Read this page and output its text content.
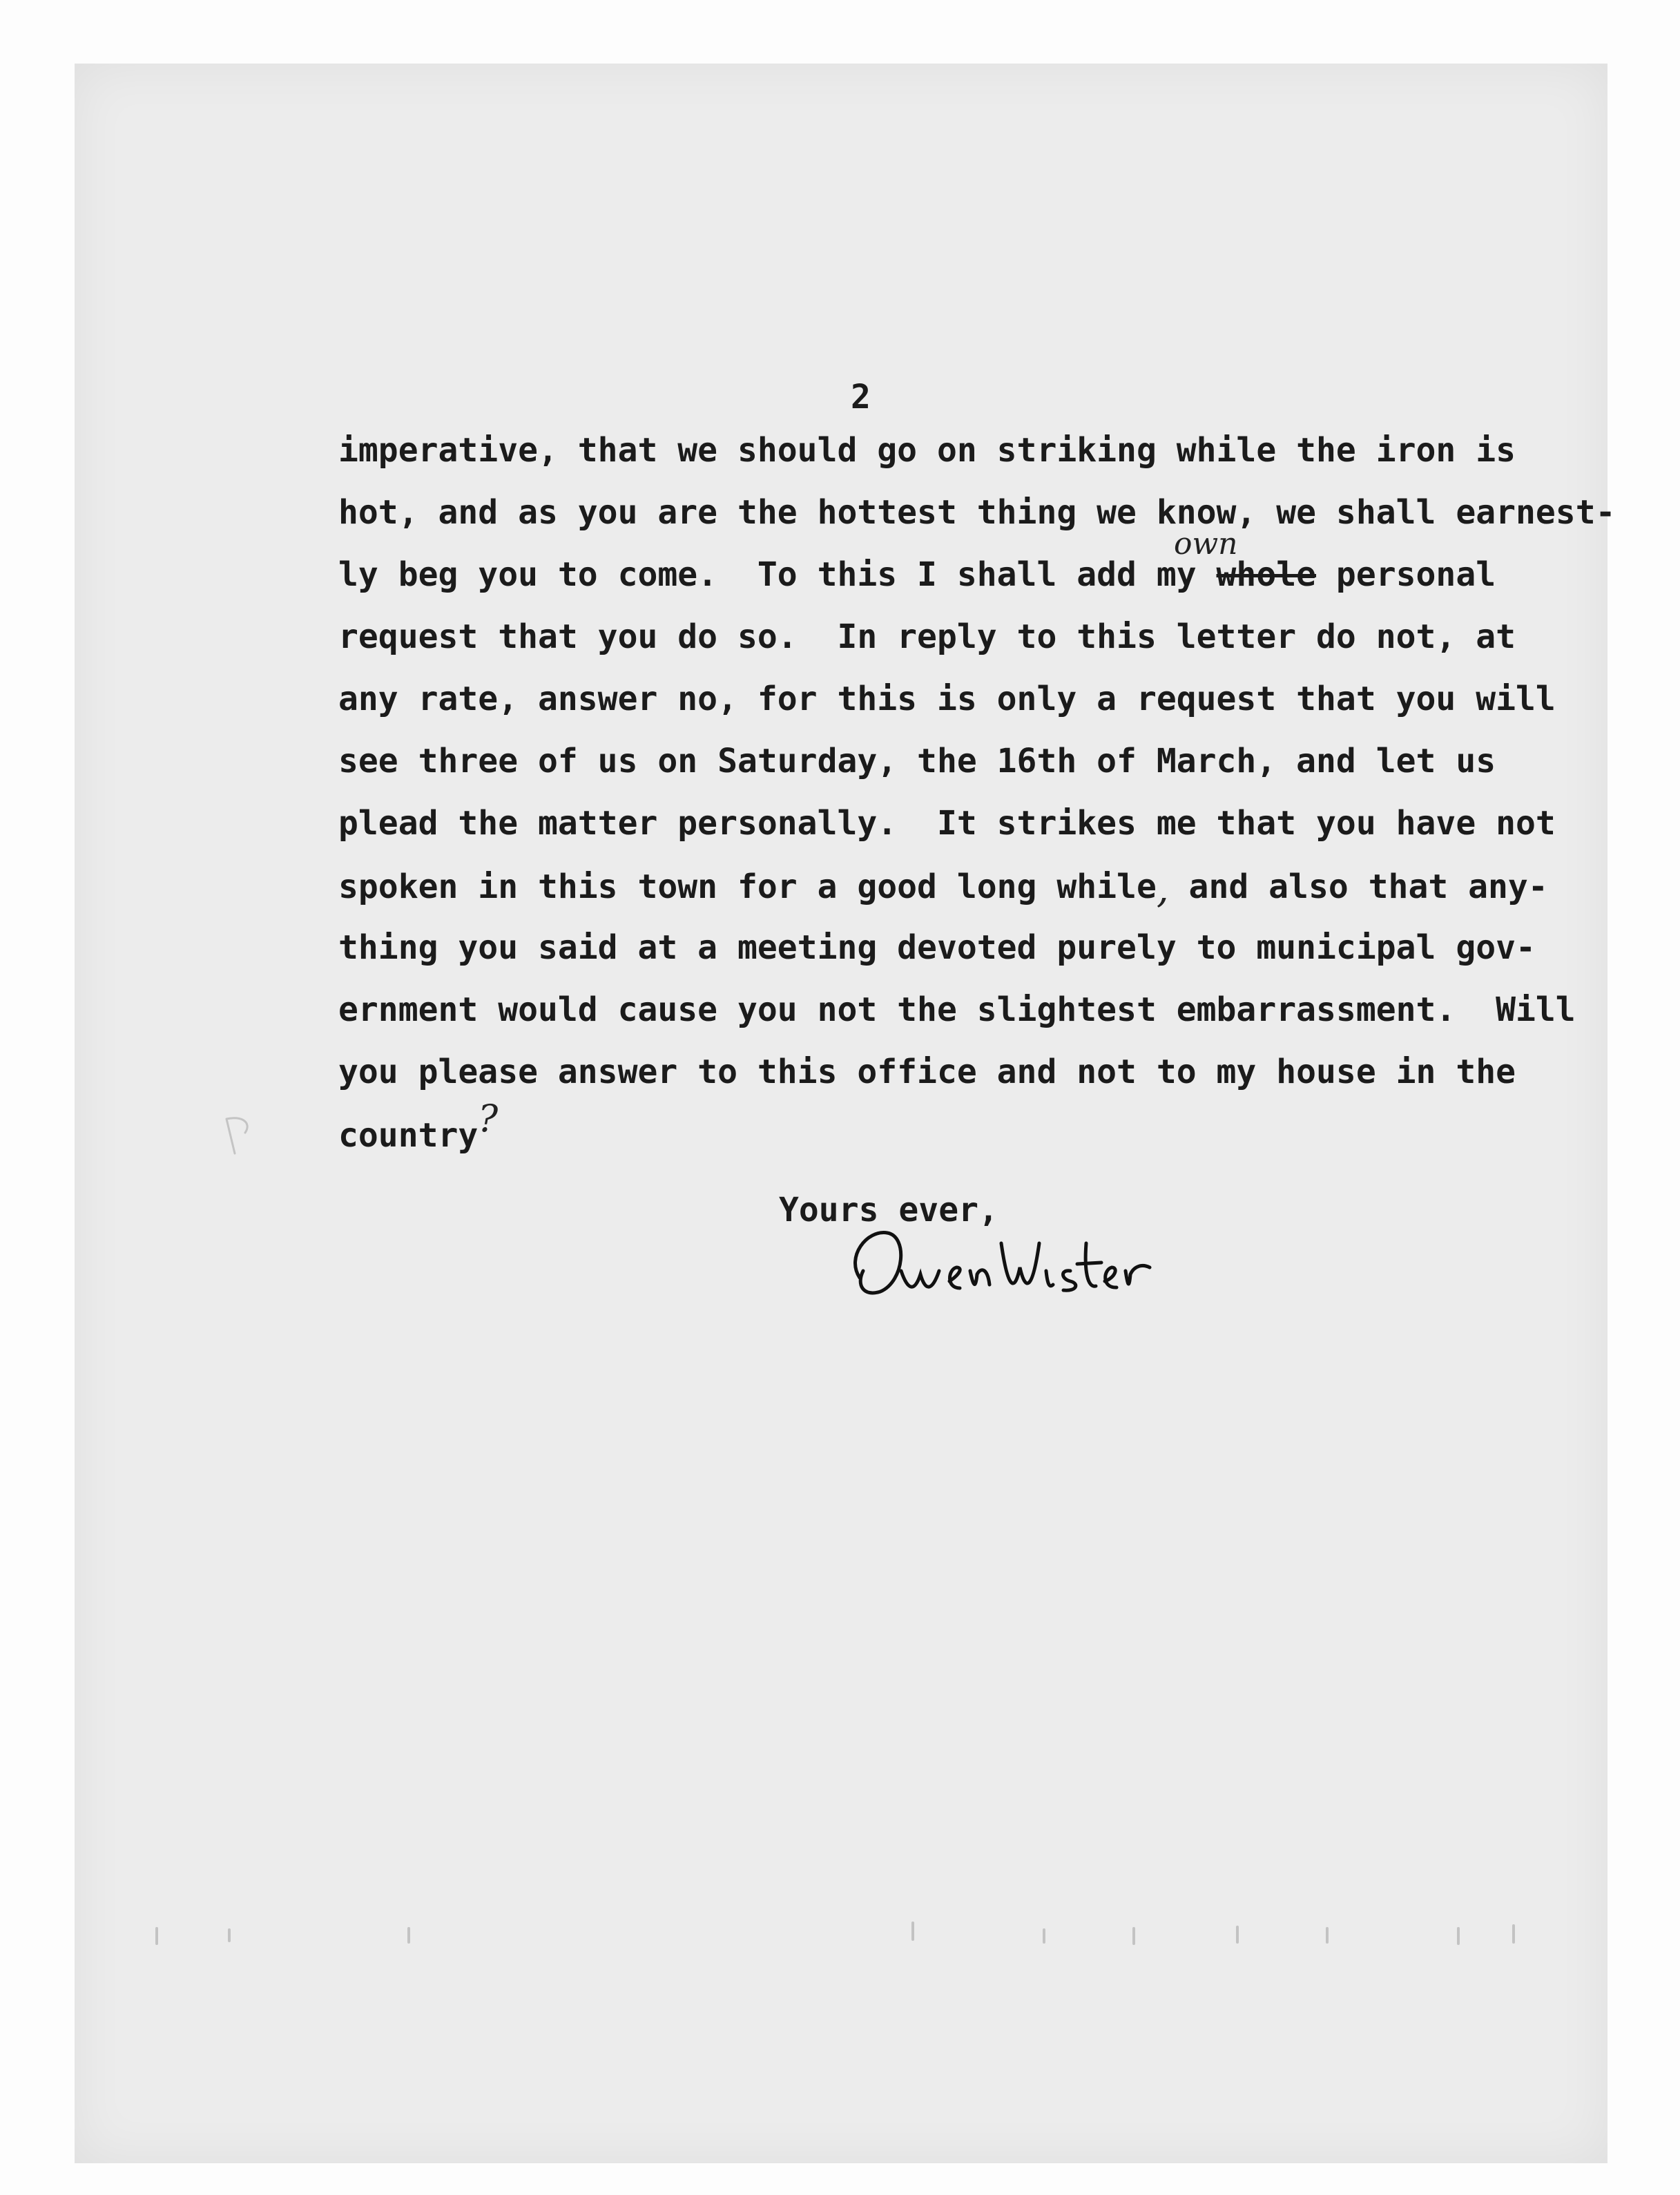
2
imperative, that we should go on striking while the iron is
hot, and as you are the hottest thing we know, we shall earnest-
ly beg you to come.  To this I shall add my whole personal
own
request that you do so.  In reply to this letter do not, at
any rate, answer no, for this is only a request that you will
see three of us on Saturday, the 16th of March, and let us
plead the matter personally.  It strikes me that you have not
spoken in this town for a good long while, and also that any-
thing you said at a meeting devoted purely to municipal gov-
ernment would cause you not the slightest embarrassment.  Will
you please answer to this office and not to my house in the
country?
Yours ever,
